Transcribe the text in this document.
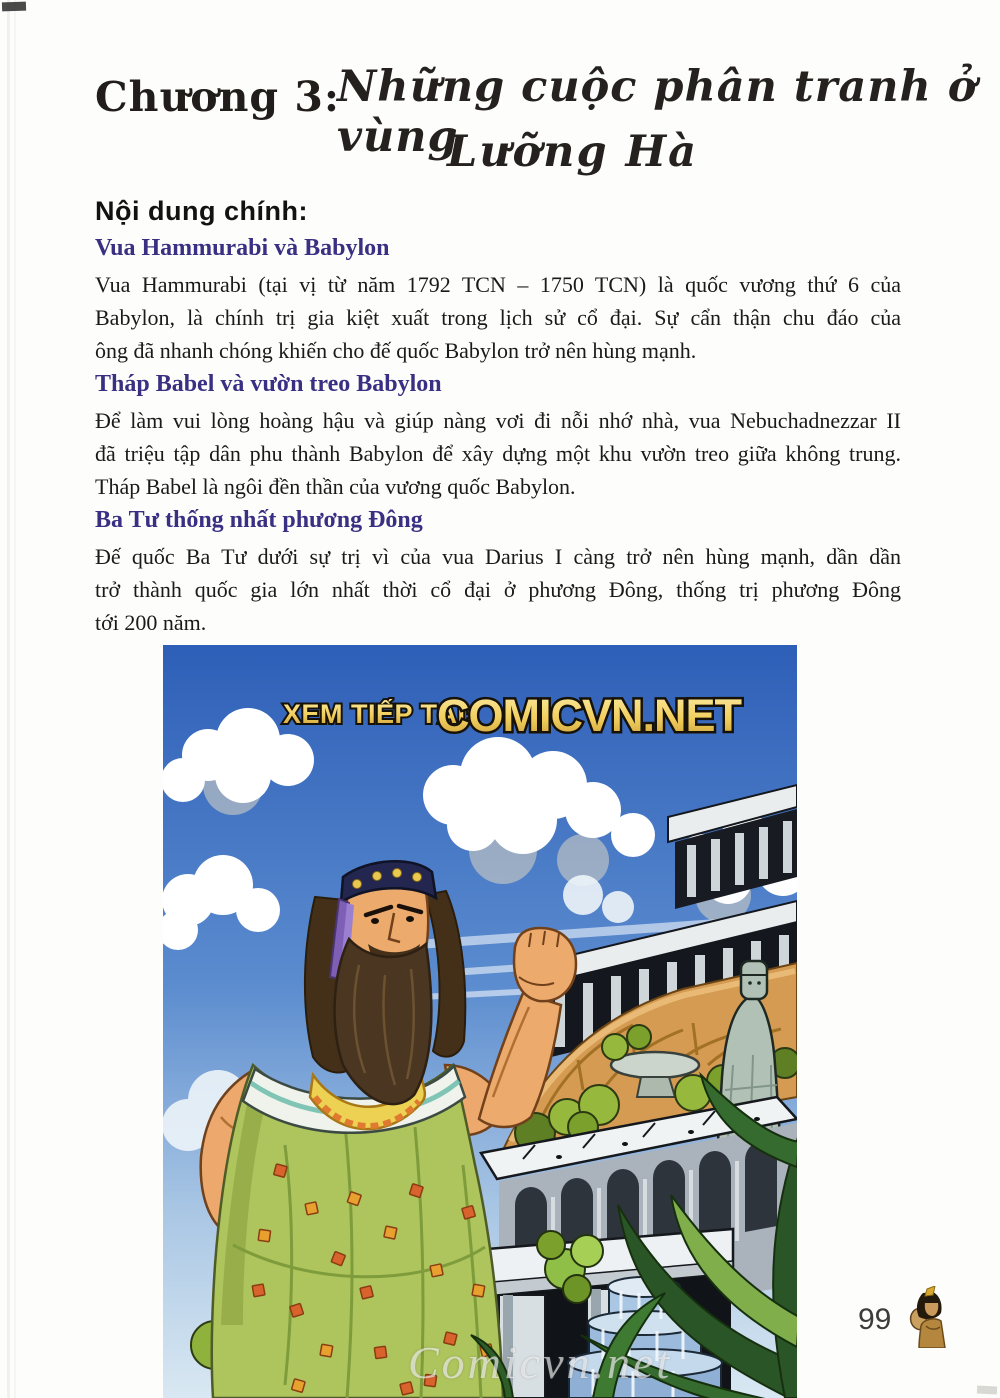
Chương 3:
Những cuộc phân tranh ở vùng
Lưỡng Hà
Nội dung chính:
Vua Hammurabi và Babylon
Vua Hammurabi (tại vị từ năm 1792 TCN – 1750 TCN) là quốc vương thứ 6 của
Babylon, là chính trị gia kiệt xuất trong lịch sử cổ đại. Sự cẩn thận chu đáo của
ông đã nhanh chóng khiến cho đế quốc Babylon trở nên hùng mạnh.
Tháp Babel và vườn treo Babylon
Để làm vui lòng hoàng hậu và giúp nàng vơi đi nỗi nhớ nhà, vua Nebuchadnezzar II
đã triệu tập dân phu thành Babylon để xây dựng một khu vườn treo giữa không trung.
Tháp Babel là ngôi đền thần của vương quốc Babylon.
Ba Tư thống nhất phương Đông
Đế quốc Ba Tư dưới sự trị vì của vua Darius I càng trở nên hùng mạnh, dần dần
trở thành quốc gia lớn nhất thời cổ đại ở phương Đông, thống trị phương Đông
tới 200 năm.
XEM TIẾP TẠI:
COMICVN.NET
Comicvn.net
99
